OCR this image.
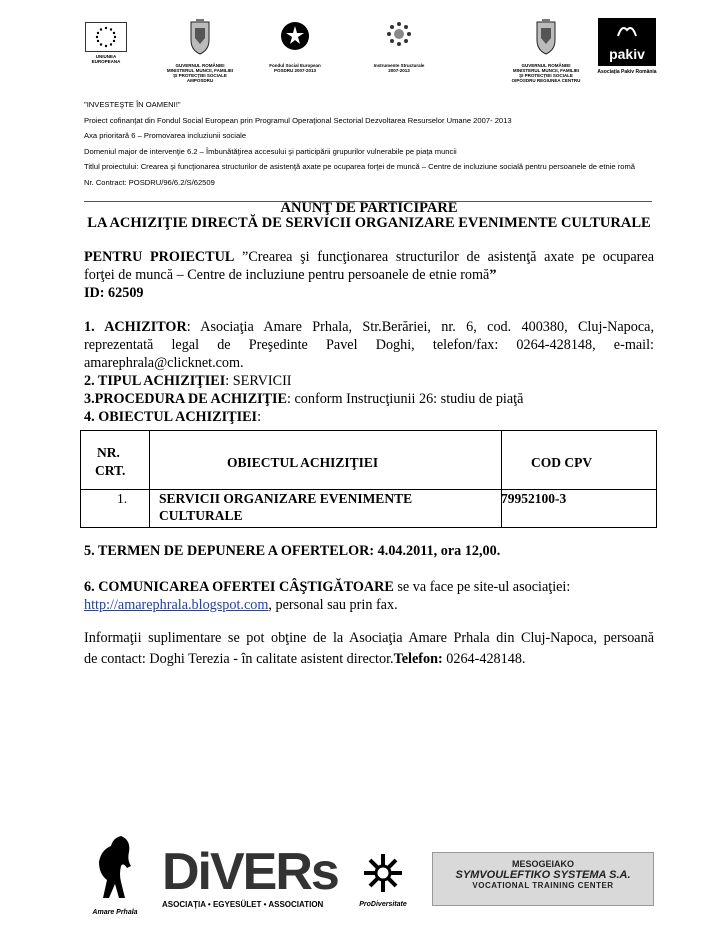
UNIUNEA EUROPEANA
GUVERNUL ROMÂNIEI
MINISTERUL MUNCII, FAMILIEI
ŞI PROTECŢIEI SOCIALE
AMPOSDRU
Fondul Social European
POSDRU 2007-2013
Instrumente Structurale
2007-2013
GUVERNUL ROMÂNIEI
MINISTERUL MUNCII, FAMILIEI
ŞI PROTECŢIEI SOCIALE
OIPOSDRU REGIUNEA CENTRU
pakiv
Asociaţia Pakiv România

"INVESTEŞTE ÎN OAMENI!"

Proiect cofinanţat din Fondul Social European prin Programul Operaţional Sectorial Dezvoltarea Resurselor Umane 2007- 2013

Axa prioritară 6 – Promovarea incluziunii sociale

Domeniul major de intervenţie 6.2 – Îmbunătăţirea accesului şi participării grupurilor vulnerabile pe piaţa muncii

Titlul proiectului: Crearea şi funcţionarea structurilor de asistenţă axate pe ocuparea forţei de muncă – Centre de incluziune socială pentru persoanele de etnie romă

Nr. Contract: POSDRU/96/6.2/S/62509

ANUNŢ DE PARTICIPARE
LA ACHIZIŢIE DIRECTĂ DE SERVICII ORGANIZARE EVENIMENTE CULTURALE
PENTRU PROIECTUL ”Crearea şi funcţionarea structurilor de asistenţă axate pe ocuparea
forţei de muncă – Centre de incluziune pentru persoanele de etnie romă”
ID: 62509
1. ACHIZITOR: Asociaţia Amare Prhala, Str.Berăriei, nr. 6, cod. 400380, Cluj-Napoca,
reprezentată legal de Preşedinte Pavel Doghi, telefon/fax: 0264-428148, e-mail:
amarephrala@clicknet.com.
2. TIPUL ACHIZIŢIEI: SERVICII
3.PROCEDURA DE ACHIZIŢIE: conform Instrucţiunii 26: studiu de piaţă
4. OBIECTUL ACHIZIŢIEI:
NR.
CRT.
OBIECTUL ACHIZIŢIEI	COD CPV
1. SERVICII ORGANIZARE EVENIMENTE
CULTURALE
79952100-3
5. TERMEN DE DEPUNERE A OFERTELOR: 4.04.2011, ora 12,00.
6. COMUNICAREA OFERTEI CÂŞTIGĂTOARE se va face pe site-ul asociaţiei:
http://amarephrala.blogspot.com, personal sau prin fax.
Informaţii suplimentare se pot obţine de la Asociaţia Amare Prhala din Cluj-Napoca, persoană
de contact: Doghi Terezia - în calitate asistent director.Telefon: 0264-428148.
Amare Prhala
DiVERs
ASOCIAŢIA • EGYESÜLET • ASSOCIATION	ProDiversitate
MESOGEIAKO
SYMVOULEFTIKO SYSTEMA S.A.
VOCATIONAL TRAINING CENTER
